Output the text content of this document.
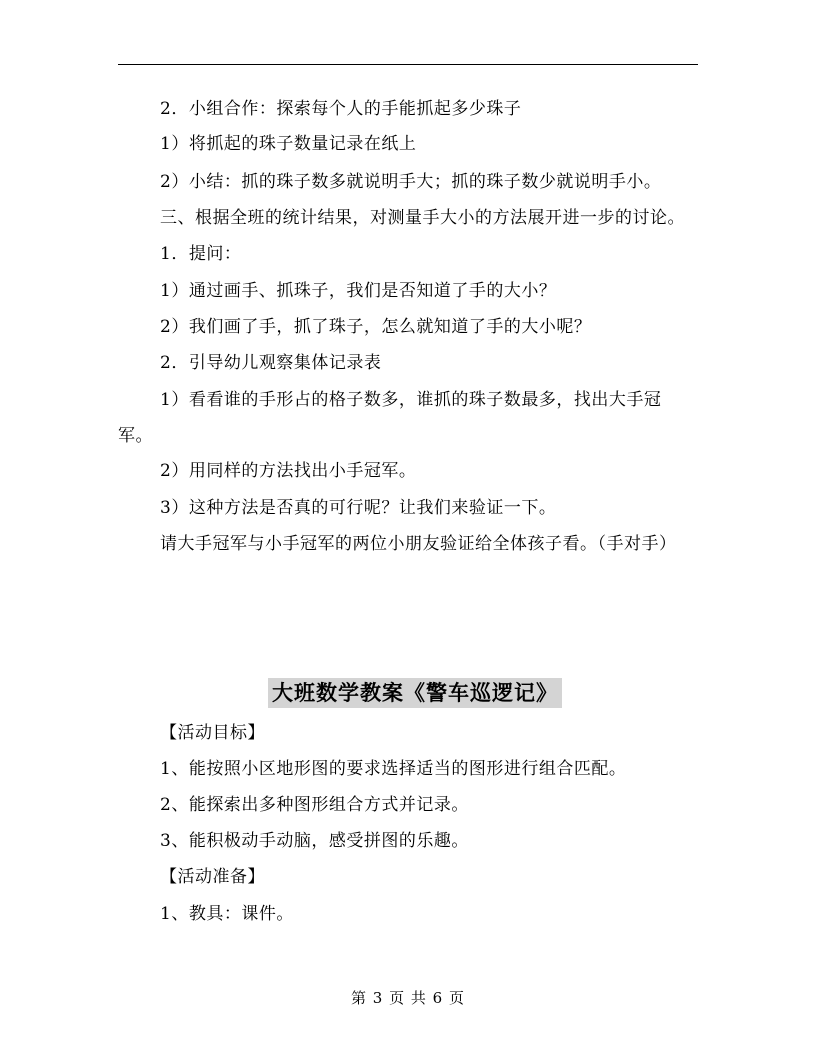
2．小组合作：探索每个人的手能抓起多少珠子
1）将抓起的珠子数量记录在纸上
2）小结：抓的珠子数多就说明手大；抓的珠子数少就说明手小。
三、根据全班的统计结果，对测量手大小的方法展开进一步的讨论。
1．提问：
1）通过画手、抓珠子，我们是否知道了手的大小？
2）我们画了手，抓了珠子，怎么就知道了手的大小呢？
2．引导幼儿观察集体记录表
1）看看谁的手形占的格子数多，谁抓的珠子数最多，找出大手冠
军。
2）用同样的方法找出小手冠军。
3）这种方法是否真的可行呢？让我们来验证一下。
请大手冠军与小手冠军的两位小朋友验证给全体孩子看。（手对手）
大班数学教案《警车巡逻记》
【活动目标】
1、能按照小区地形图的要求选择适当的图形进行组合匹配。
2、能探索出多种图形组合方式并记录。
3、能积极动手动脑，感受拼图的乐趣。
【活动准备】
1、教具：课件。
第 3 页 共 6 页
